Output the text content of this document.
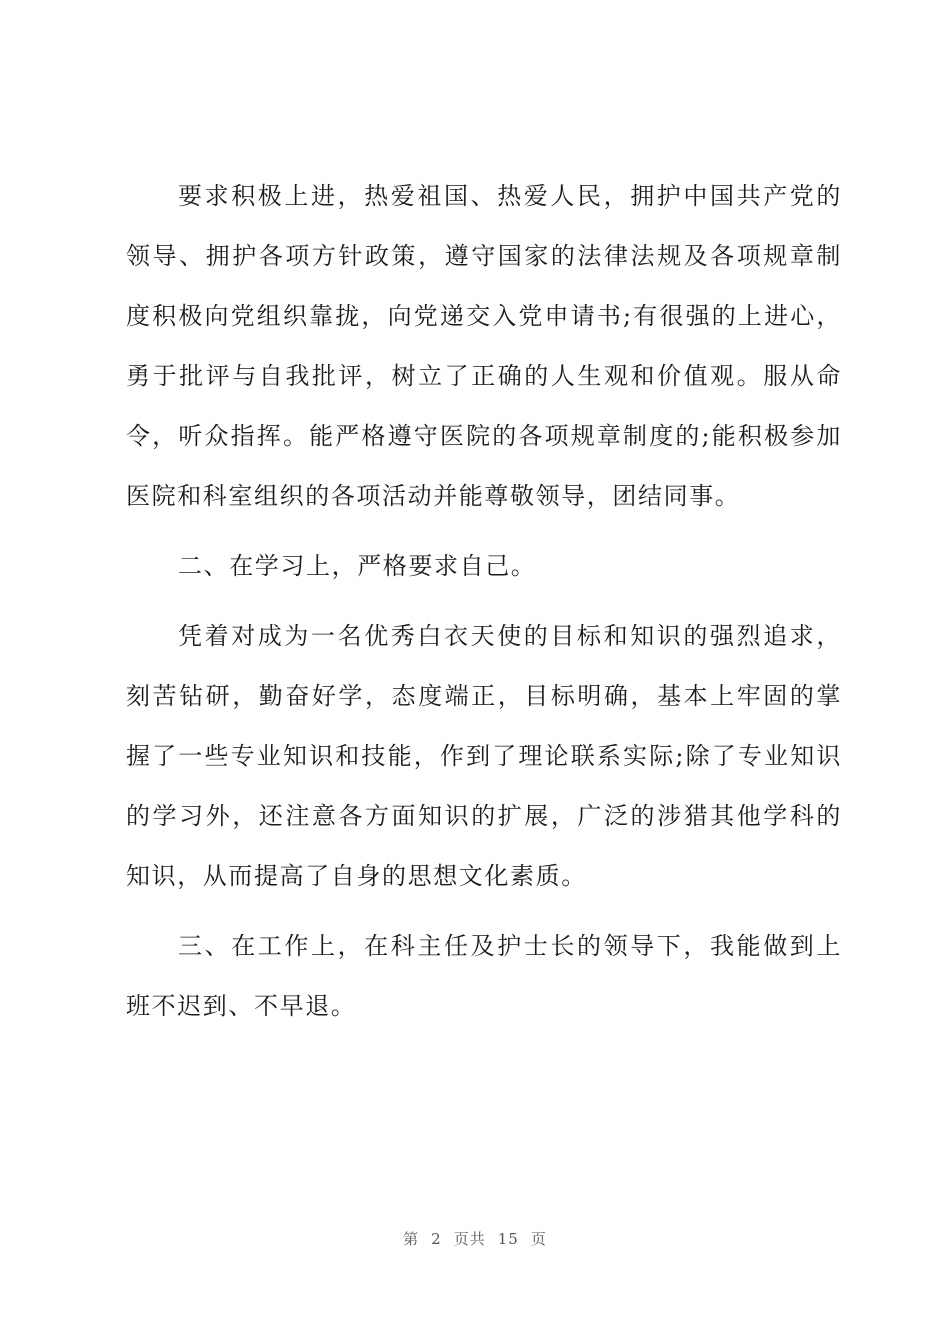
要求积极上进，热爱祖国、热爱人民，拥护中国共产党的领导、拥护各项方针政策，遵守国家的法律法规及各项规章制度积极向党组织靠拢，向党递交入党申请书;有很强的上进心，勇于批评与自我批评，树立了正确的人生观和价值观。服从命令，听众指挥。能严格遵守医院的各项规章制度的;能积极参加医院和科室组织的各项活动并能尊敬领导，团结同事。

二、在学习上，严格要求自己。

凭着对成为一名优秀白衣天使的目标和知识的强烈追求，刻苦钻研，勤奋好学，态度端正，目标明确，基本上牢固的掌握了一些专业知识和技能，作到了理论联系实际;除了专业知识的学习外，还注意各方面知识的扩展，广泛的涉猎其他学科的知识，从而提高了自身的思想文化素质。

三、在工作上，在科主任及护士长的领导下，我能做到上班不迟到、不早退。

第 2 页共 15 页
